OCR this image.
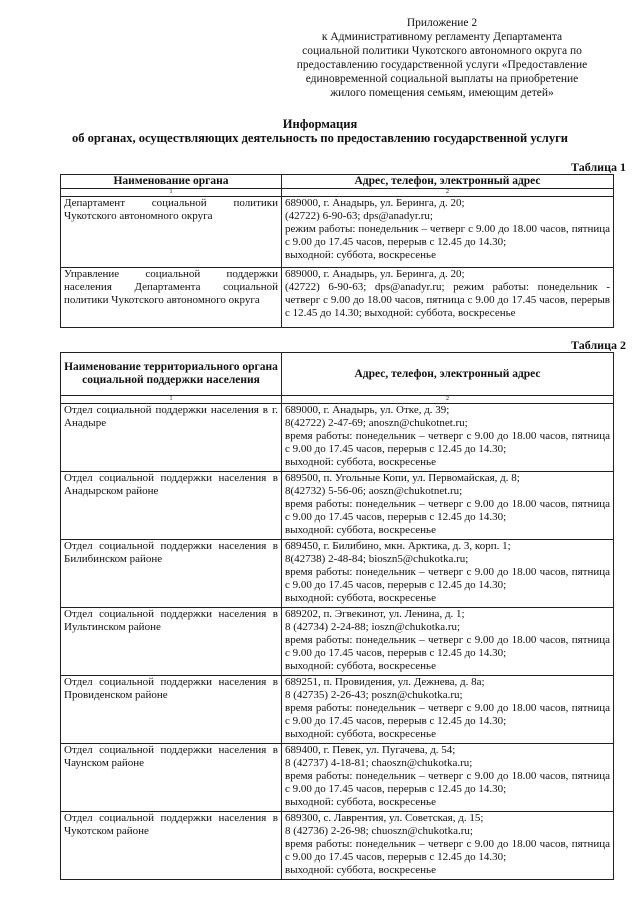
Приложение 2
к Административному регламенту Департамента
социальной политики Чукотского автономного округа по
предоставлению государственной услуги «Предоставление
единовременной социальной выплаты на приобретение
жилого помещения семьям, имеющим детей»
Информация
об органах, осуществляющих деятельность по предоставлению государственной услуги
Таблица 1
Наименование органа	Адрес, телефон, электронный адрес
1	2
Департамент социальной политики Чукотского автономного округа	689000, г. Анадырь, ул. Беринга, д. 20;
(42722) 6-90-63; dps@anadyr.ru;
режим работы: понедельник – четверг с 9.00 до 18.00 часов, пятница с 9.00 до 17.45 часов, перерыв с 12.45 до 14.30;
выходной: суббота, воскресенье

Управление социальной поддержки населения Департамента социальной политики Чукотского автономного округа	689000, г. Анадырь, ул. Беринга, д. 20;
(42722) 6-90-63; dps@anadyr.ru; режим работы: понедельник - четверг с 9.00 до 18.00 часов, пятница с 9.00 до 17.45 часов, перерыв с 12.45 до 14.30; выходной: суббота, воскресенье
Таблица 2
Наименование территориального органа социальной поддержки населения	Адрес, телефон, электронный адрес
1	2
Отдел социальной поддержки населения в г. Анадыре	689000, г. Анадырь, ул. Отке, д. 39;
8(42722) 2-47-69; anoszn@chukotnet.ru;
время работы: понедельник – четверг с 9.00 до 18.00 часов, пятница с 9.00 до 17.45 часов, перерыв с 12.45 до 14.30;
выходной: суббота, воскресенье

Отдел социальной поддержки населения в Анадырском районе	689500, п. Угольные Копи, ул. Первомайская, д. 8;
8(42732) 5-56-06; aoszn@chukotnet.ru;
время работы: понедельник – четверг с 9.00 до 18.00 часов, пятница с 9.00 до 17.45 часов, перерыв с 12.45 до 14.30;
выходной: суббота, воскресенье

Отдел социальной поддержки населения в Билибинском районе	689450, г. Билибино, мкн. Арктика, д. 3, корп. 1;
8(42738) 2-48-84; bioszn5@chukotka.ru;
время работы: понедельник – четверг с 9.00 до 18.00 часов, пятница с 9.00 до 17.45 часов, перерыв с 12.45 до 14.30;
выходной: суббота, воскресенье

Отдел социальной поддержки населения в Иультинском районе	689202, п. Эгвекинот, ул. Ленина, д. 1;
8 (42734) 2-24-88; ioszn@chukotka.ru;
время работы: понедельник – четверг с 9.00 до 18.00 часов, пятница с 9.00 до 17.45 часов, перерыв с 12.45 до 14.30;
выходной: суббота, воскресенье

Отдел социальной поддержки населения в Провиденском районе	689251, п. Провидения, ул. Дежнева, д. 8а;
8 (42735) 2-26-43; poszn@chukotka.ru;
время работы: понедельник – четверг с 9.00 до 18.00 часов, пятница с 9.00 до 17.45 часов, перерыв с 12.45 до 14.30;
выходной: суббота, воскресенье

Отдел социальной поддержки населения в Чаунском районе	689400, г. Певек, ул. Пугачева, д. 54;
8 (42737) 4-18-81; chaoszn@chukotka.ru;
время работы: понедельник – четверг с 9.00 до 18.00 часов, пятница с 9.00 до 17.45 часов, перерыв с 12.45 до 14.30;
выходной: суббота, воскресенье

Отдел социальной поддержки населения в Чукотском районе	689300, с. Лаврентия, ул. Советская, д. 15;
8 (42736) 2-26-98; chuoszn@chukotka.ru;
время работы: понедельник – четверг с 9.00 до 18.00 часов, пятница с 9.00 до 17.45 часов, перерыв с 12.45 до 14.30;
выходной: суббота, воскресенье
